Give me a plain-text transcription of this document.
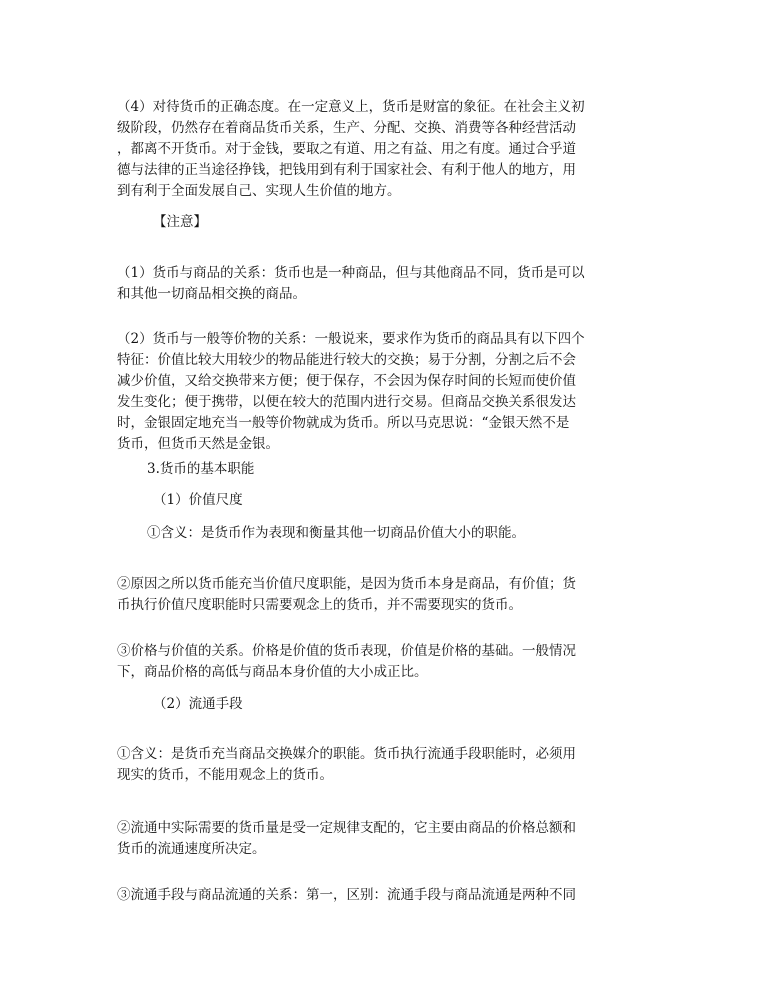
（4）对待货币的正确态度。在一定意义上，货币是财富的象征。在社会主义初
级阶段，仍然存在着商品货币关系，生产、分配、交换、消费等各种经营活动
，都离不开货币。对于金钱，要取之有道、用之有益、用之有度。通过合乎道
德与法律的正当途径挣钱，把钱用到有利于国家社会、有利于他人的地方，用
到有利于全面发展自己、实现人生价值的地方。
【注意】
（1）货币与商品的关系：货币也是一种商品，但与其他商品不同，货币是可以
和其他一切商品相交换的商品。
（2）货币与一般等价物的关系：一般说来，要求作为货币的商品具有以下四个
特征：价值比较大用较少的物品能进行较大的交换；易于分割，分割之后不会
减少价值，又给交换带来方便；便于保存，不会因为保存时间的长短而使价值
发生变化；便于携带，以便在较大的范围内进行交易。但商品交换关系很发达
时，金银固定地充当一般等价物就成为货币。所以马克思说：“金银天然不是
货币，但货币天然是金银。
3.货币的基本职能
（1）价值尺度
①含义：是货币作为表现和衡量其他一切商品价值大小的职能。
②原因之所以货币能充当价值尺度职能，是因为货币本身是商品，有价值；货
币执行价值尺度职能时只需要观念上的货币，并不需要现实的货币。
③价格与价值的关系。价格是价值的货币表现，价值是价格的基础。一般情况
下，商品价格的高低与商品本身价值的大小成正比。
（2）流通手段
①含义：是货币充当商品交换媒介的职能。货币执行流通手段职能时，必须用
现实的货币，不能用观念上的货币。
②流通中实际需要的货币量是受一定规律支配的，它主要由商品的价格总额和
货币的流通速度所决定。
③流通手段与商品流通的关系：第一，区别：流通手段与商品流通是两种不同
